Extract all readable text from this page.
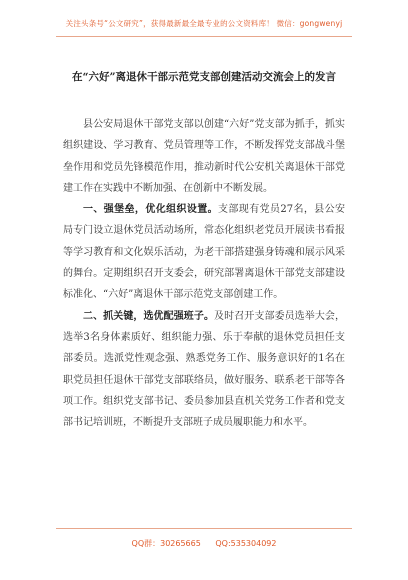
关注头条号“公文研究”，获得最新最全最专业的公文资料库！ 微信：gongwenyj
在“六好”离退休干部示范党支部创建活动交流会上的发言

县公安局退休干部党支部以创建“六好”党支部为抓手，抓实组织建设、学习教育、党员管理等工作，不断发挥党支部战斗堡垒作用和党员先锋模范作用，推动新时代公安机关离退休干部党建工作在实践中不断加强、在创新中不断发展。

一、强堡垒，优化组织设置。支部现有党员27名，县公安局专门设立退休党员活动场所，常态化组织老党员开展读书看报等学习教育和文化娱乐活动，为老干部搭建强身铸魂和展示风采的舞台。定期组织召开支委会，研究部署离退休干部党支部建设标准化、“六好”离退休干部示范党支部创建工作。

二、抓关键，选优配强班子。及时召开支部委员选举大会，选举3名身体素质好、组织能力强、乐于奉献的退休党员担任支部委员。选派党性观念强、熟悉党务工作、服务意识好的1名在职党员担任退休干部党支部联络员，做好服务、联系老干部等各项工作。组织党支部书记、委员参加县直机关党务工作者和党支部书记培训班，不断提升支部班子成员履职能力和水平。

QQ群：30265665 QQ:535304092
